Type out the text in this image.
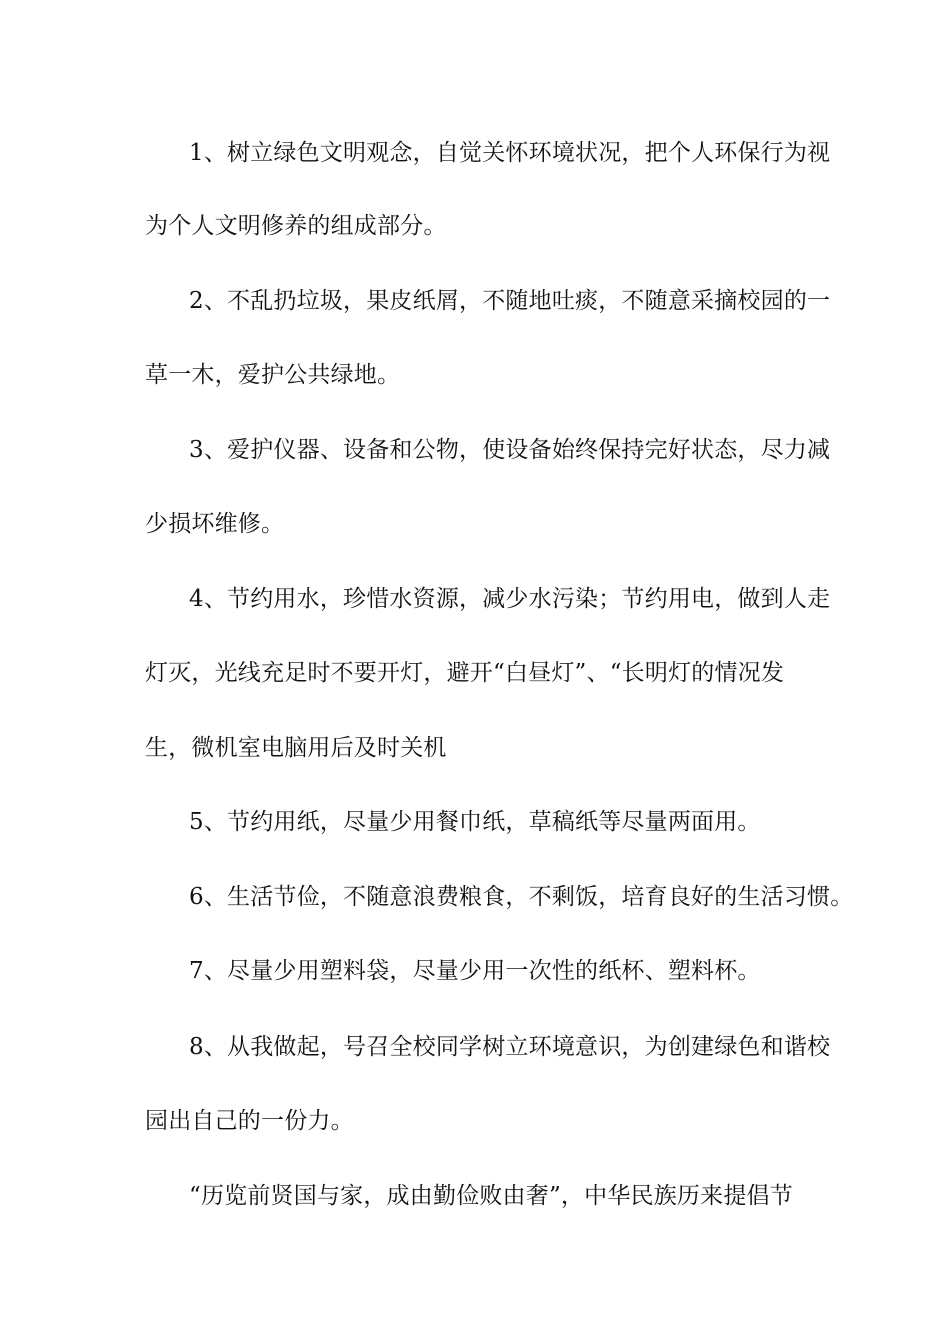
1、树立绿色文明观念，自觉关怀环境状况，把个人环保行为视
为个人文明修养的组成部分。
2、不乱扔垃圾，果皮纸屑，不随地吐痰，不随意采摘校园的一
草一木，爱护公共绿地。
3、爱护仪器、设备和公物，使设备始终保持完好状态，尽力减
少损坏维修。
4、节约用水，珍惜水资源，减少水污染；节约用电，做到人走
灯灭，光线充足时不要开灯，避开“白昼灯”、“长明灯的情况发
生，微机室电脑用后及时关机
5、节约用纸，尽量少用餐巾纸，草稿纸等尽量两面用。
6、生活节俭，不随意浪费粮食，不剩饭，培育良好的生活习惯。
7、尽量少用塑料袋，尽量少用一次性的纸杯、塑料杯。
8、从我做起，号召全校同学树立环境意识，为创建绿色和谐校
园出自己的一份力。
“历览前贤国与家，成由勤俭败由奢”，中华民族历来提倡节
